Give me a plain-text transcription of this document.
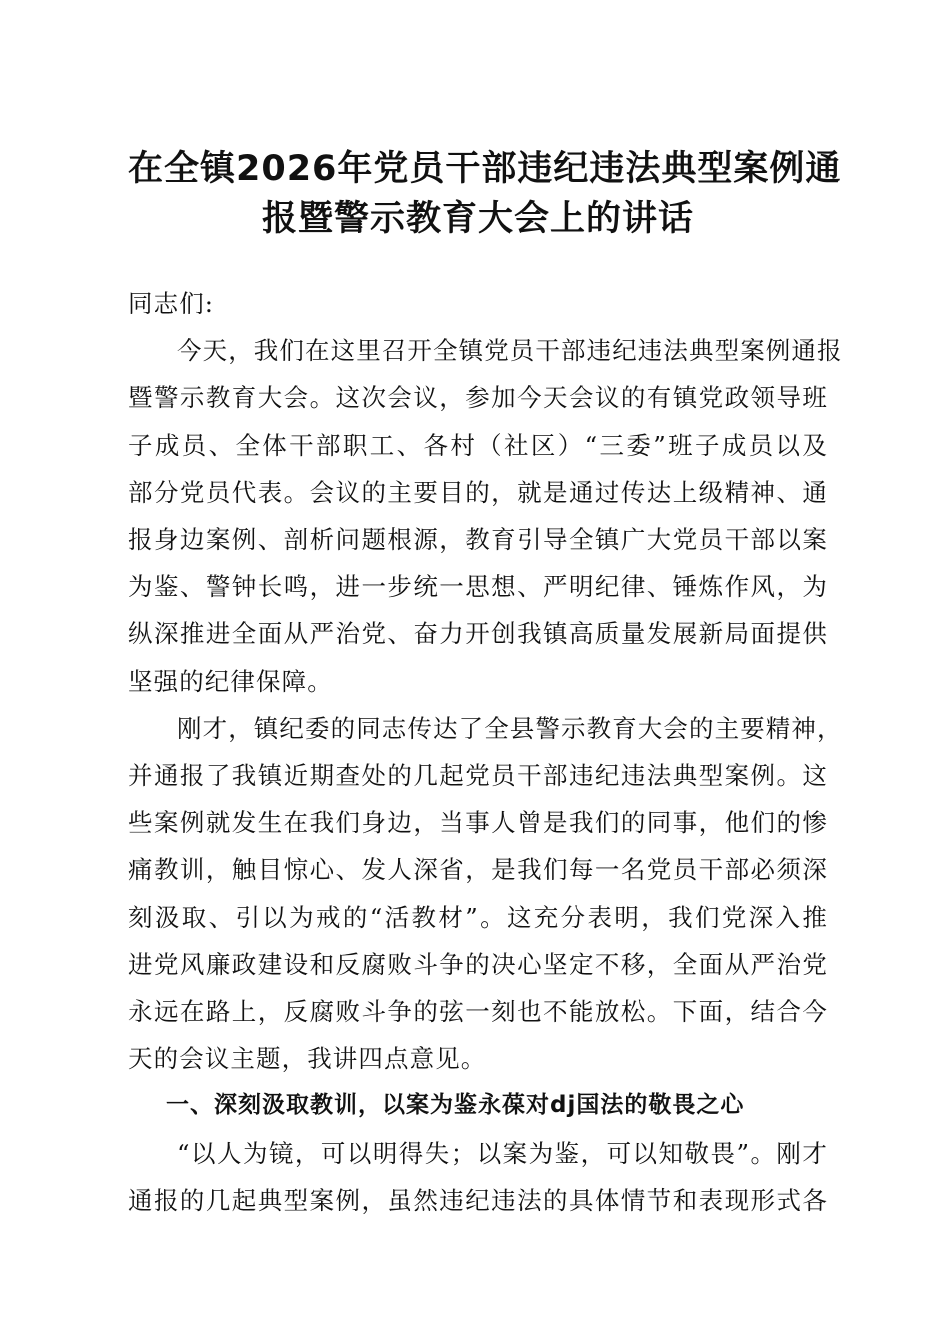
在全镇2026年党员干部违纪违法典型案例通
报暨警示教育大会上的讲话

同志们:

今天，我们在这里召开全镇党员干部违纪违法典型案例通报
暨警示教育大会。这次会议，参加今天会议的有镇党政领导班
子成员、全体干部职工、各村（社区）“三委”班子成员以及
部分党员代表。会议的主要目的，就是通过传达上级精神、通
报身边案例、剖析问题根源，教育引导全镇广大党员干部以案
为鉴、警钟长鸣，进一步统一思想、严明纪律、锤炼作风，为
纵深推进全面从严治党、奋力开创我镇高质量发展新局面提供
坚强的纪律保障。

刚才，镇纪委的同志传达了全县警示教育大会的主要精神，
并通报了我镇近期查处的几起党员干部违纪违法典型案例。这
些案例就发生在我们身边，当事人曾是我们的同事，他们的惨
痛教训，触目惊心、发人深省，是我们每一名党员干部必须深
刻汲取、引以为戒的“活教材”。这充分表明，我们党深入推
进党风廉政建设和反腐败斗争的决心坚定不移，全面从严治党
永远在路上，反腐败斗争的弦一刻也不能放松。下面，结合今
天的会议主题，我讲四点意见。

一、深刻汲取教训，以案为鉴永葆对dj国法的敬畏之心

“以人为镜，可以明得失；以案为鉴，可以知敬畏”。刚才
通报的几起典型案例，虽然违纪违法的具体情节和表现形式各
